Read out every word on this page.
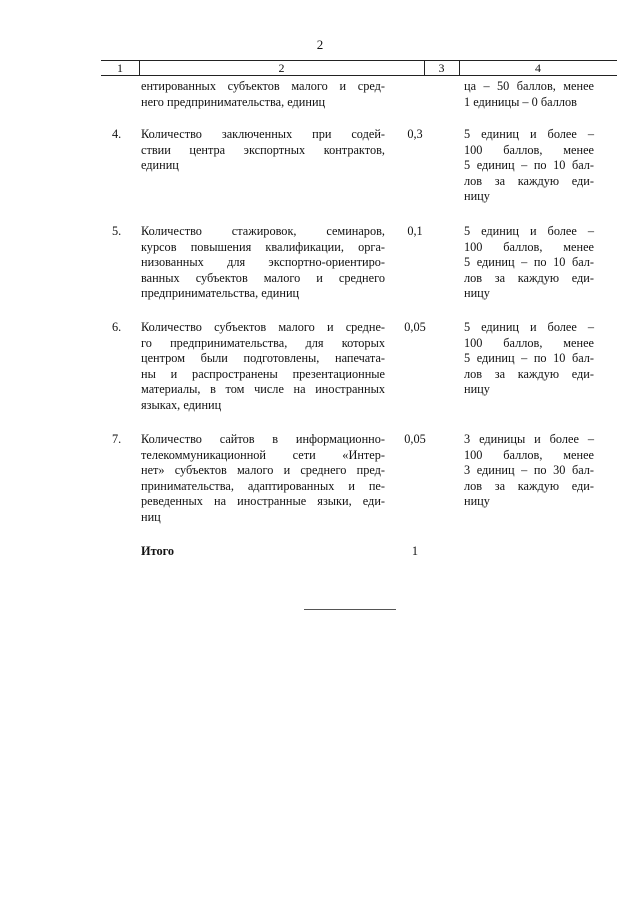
2
1	2	3	4
ентированных субъектов малого и сред-
него предпринимательства, единиц
ца – 50 баллов, менее
1 единицы – 0 баллов
4. Количество заключенных при содей-
ствии центра экспортных контрактов,
единиц
0,3	5 единиц и более –
100 баллов, менее
5 единиц – по 10 бал-
лов за каждую еди-
ницу
5. Количество стажировок, семинаров,
курсов повышения квалификации, орга-
низованных для экспортно-ориентиро-
ванных субъектов малого и среднего
предпринимательства, единиц
0,1	5 единиц и более –
100 баллов, менее
5 единиц – по 10 бал-
лов за каждую еди-
ницу
6. Количество субъектов малого и средне-
го предпринимательства, для которых
центром были подготовлены, напечата-
ны и распространены презентационные
материалы, в том числе на иностранных
языках, единиц
0,05	5 единиц и более –
100 баллов, менее
5 единиц – по 10 бал-
лов за каждую еди-
ницу
7. Количество сайтов в информационно-
телекоммуникационной сети «Интер-
нет» субъектов малого и среднего пред-
принимательства, адаптированных и пе-
реведенных на иностранные языки, еди-
ниц
0,05	3 единицы и более –
100 баллов, менее
3 единиц – по 30 бал-
лов за каждую еди-
ницу
Итого	1
